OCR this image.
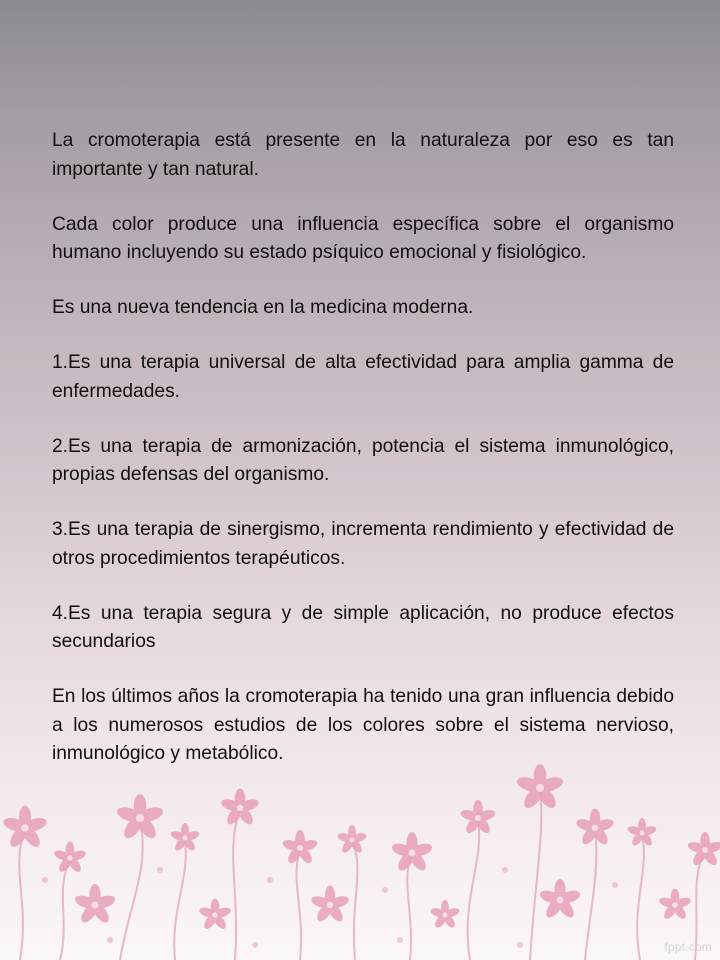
La cromoterapia está presente en la naturaleza por eso es tan importante y tan natural.

Cada color produce una influencia específica sobre el organismo humano incluyendo su estado psíquico emocional y fisiológico.

Es una nueva tendencia en la medicina moderna.

1.Es una terapia universal de alta efectividad para amplia gamma de enfermedades.

2.Es una terapia de armonización, potencia el sistema inmunológico, propias defensas del organismo.

3.Es una terapia de sinergismo, incrementa rendimiento y efectividad de otros procedimientos terapéuticos.

4.Es una terapia segura y de simple aplicación, no produce efectos secundarios

En los últimos años la cromoterapia ha tenido una gran influencia debido a los numerosos estudios de los colores sobre el sistema nervioso, inmunológico y metabólico.

fppt.com
